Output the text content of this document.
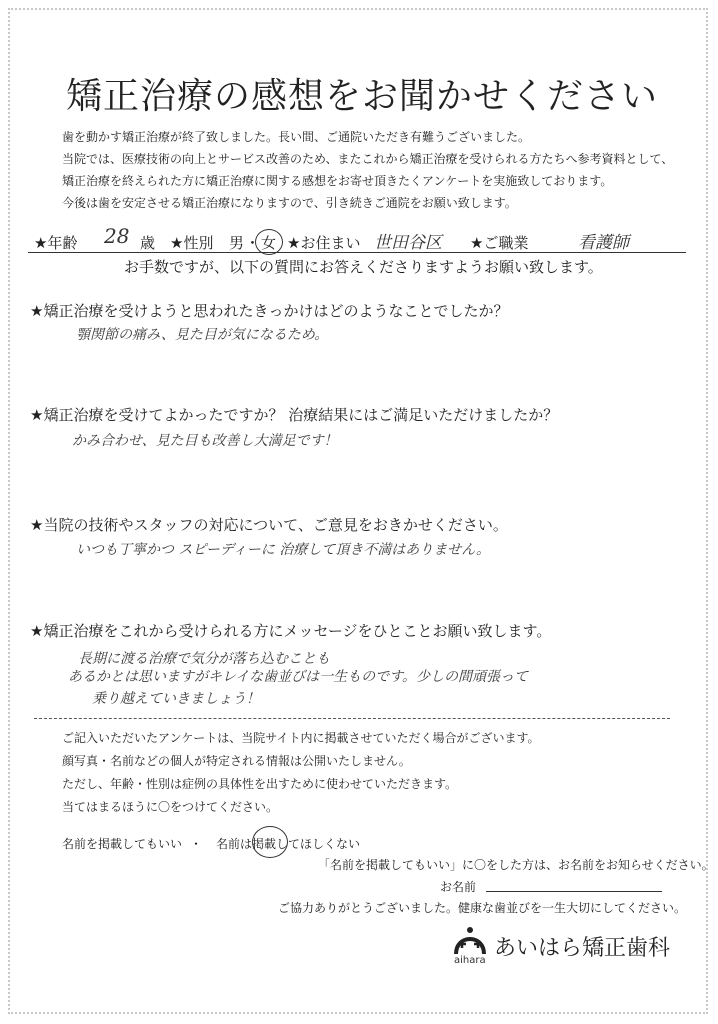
矯正治療の感想をお聞かせください
歯を動かす矯正治療が終了致しました。長い間、ご通院いただき有難うございました。
当院では、医療技術の向上とサービス改善のため、またこれから矯正治療を受けられる方たちへ参考資料として、
矯正治療を終えられた方に矯正治療に関する感想をお寄せ頂きたくアンケートを実施致しております。
今後は歯を安定させる矯正治療になりますので、引き続きご通院をお願い致します。
★年齢 28 歳 ★性別 男 ・ 女 ★お住まい 世田谷区 ★ご職業	看護師
お手数ですが、以下の質問にお答えくださりますようお願い致します。
★矯正治療を受けようと思われたきっかけはどのようなことでしたか？
顎関節の痛み、見た目が気になるため。
★矯正治療を受けてよかったですか？ 治療結果にはご満足いただけましたか？
かみ合わせ、見た目も改善し大満足です！
★当院の技術やスタッフの対応について、ご意見をおきかせください。
いつも丁寧かつ スピーディーに 治療して頂き不満はありません。
★矯正治療をこれから受けられる方にメッセージをひとことお願い致します。
長期に渡る治療で気分が落ち込むことも
あるかとは思いますがキレイな歯並びは一生ものです。少しの間頑張って
乗り越えていきましょう！
ご記入いただいたアンケートは、当院サイト内に掲載させていただく場合がございます。
顔写真・名前などの個人が特定される情報は公開いたしません。
ただし、年齢・性別は症例の具体性を出すために使わせていただきます。
当てはまるほうに〇をつけてください。
名前を掲載してもいい ・ 名前は掲載してほしくない
「名前を掲載してもいい」に〇をした方は、お名前をお知らせください。
お名前
ご協力ありがとうございました。健康な歯並びを一生大切にしてください。
aihara あいはら矯正歯科
